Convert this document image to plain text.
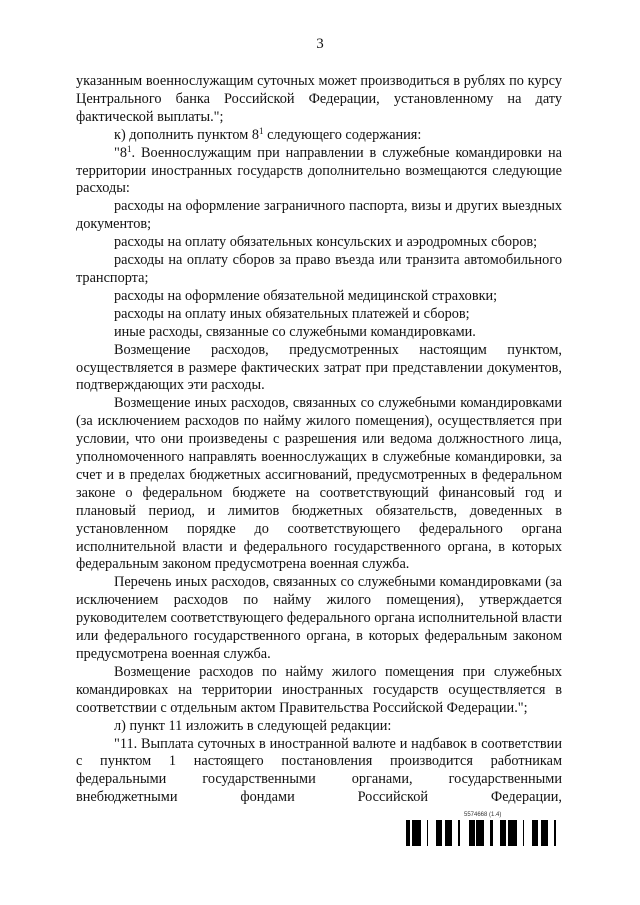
3

указанным военнослужащим суточных может производиться в рублях по курсу Центрального банка Российской Федерации, установленному на дату фактической выплаты.";

к) дополнить пунктом $8^1$ следующего содержания:

"$8^1$. Военнослужащим при направлении в служебные командировки на территории иностранных государств дополнительно возмещаются следующие расходы:

расходы на оформление заграничного паспорта, визы и других выездных документов;

расходы на оплату обязательных консульских и аэродромных сборов;

расходы на оплату сборов за право въезда или транзита автомобильного транспорта;

расходы на оформление обязательной медицинской страховки;

расходы на оплату иных обязательных платежей и сборов;

иные расходы, связанные со служебными командировками.

Возмещение расходов, предусмотренных настоящим пунктом, осуществляется в размере фактических затрат при представлении документов, подтверждающих эти расходы.

Возмещение иных расходов, связанных со служебными командировками (за исключением расходов по найму жилого помещения), осуществляется при условии, что они произведены с разрешения или ведома должностного лица, уполномоченного направлять военнослужащих в служебные командировки, за счет и в пределах бюджетных ассигнований, предусмотренных в федеральном законе о федеральном бюджете на соответствующий финансовый год и плановый период, и лимитов бюджетных обязательств, доведенных в установленном порядке до соответствующего федерального органа исполнительной власти и федерального государственного органа, в которых федеральным законом предусмотрена военная служба.

Перечень иных расходов, связанных со служебными командировками (за исключением расходов по найму жилого помещения), утверждается руководителем соответствующего федерального органа исполнительной власти или федерального государственного органа, в которых федеральным законом предусмотрена военная служба.

Возмещение расходов по найму жилого помещения при служебных командировках на территории иностранных государств осуществляется в соответствии с отдельным актом Правительства Российской Федерации.";

л) пункт 11 изложить в следующей редакции:

"11. Выплата суточных в иностранной валюте и надбавок в соответствии с пунктом 1 настоящего постановления производится работникам федеральными государственными органами, государственными внебюджетными фондами Российской Федерации,

5574668 (1.4)
